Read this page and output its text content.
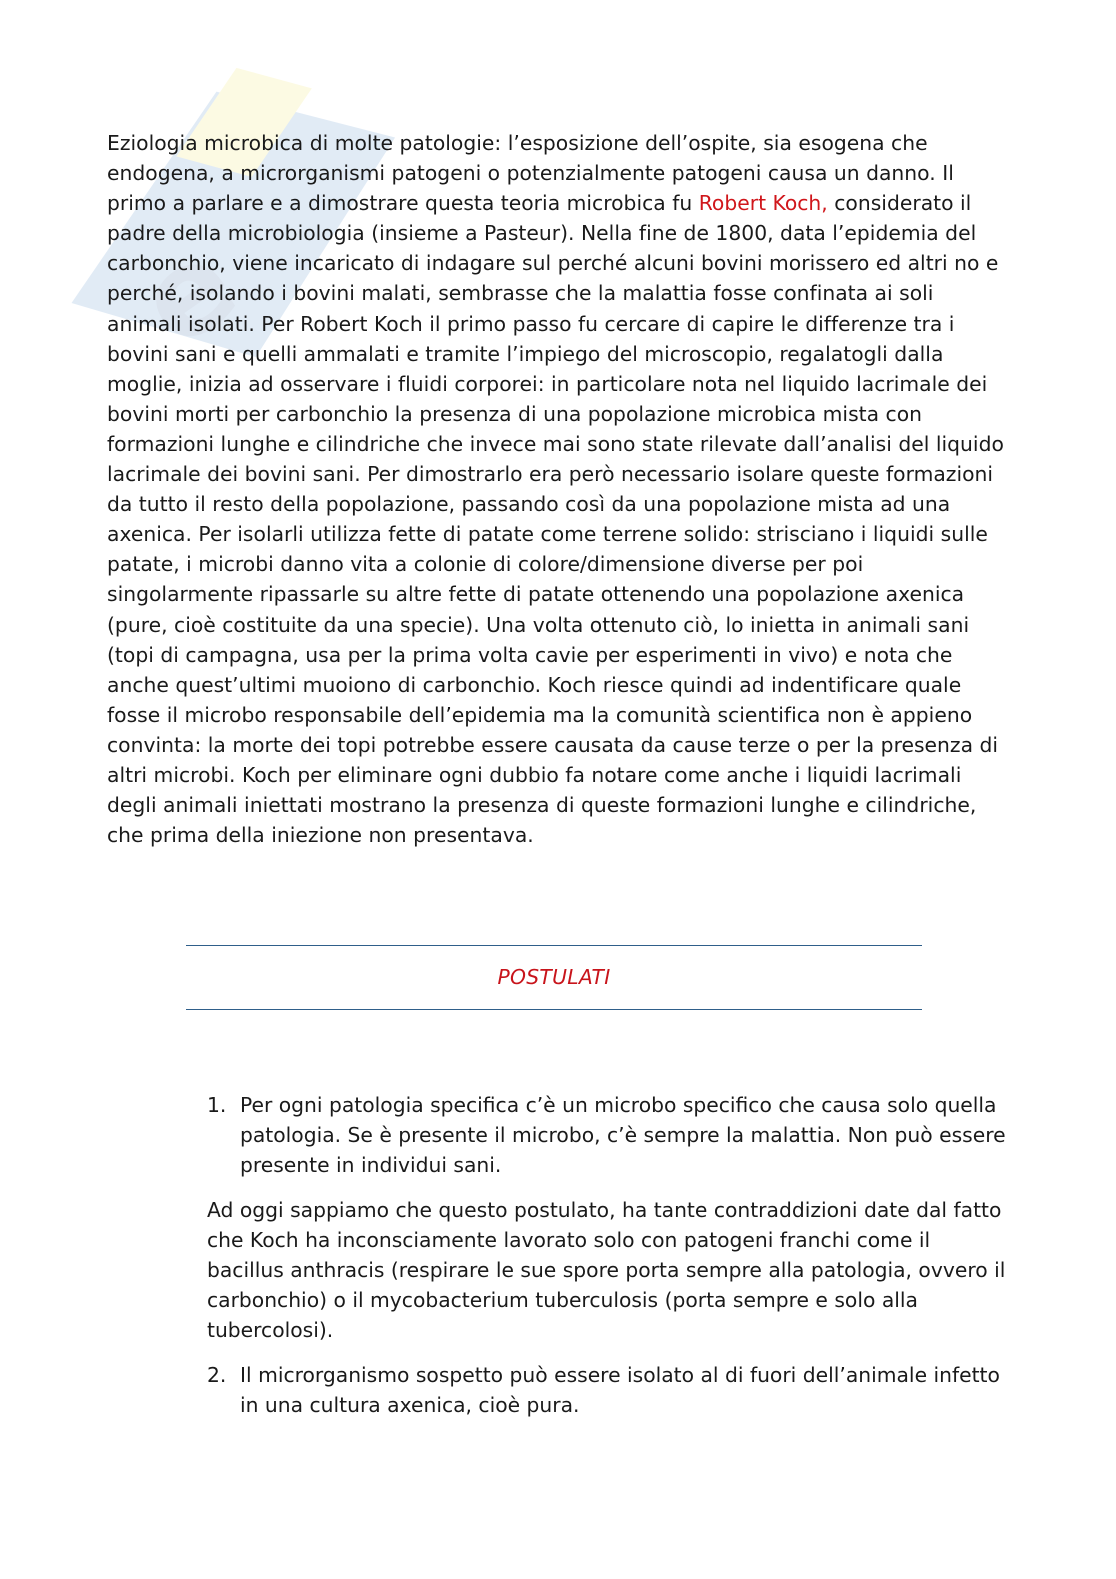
e

Eziologia microbica di molte patologie: l’esposizione dell’ospite, sia esogena che endogena, a microrganismi patogeni o potenzialmente patogeni causa un danno. Il primo a parlare e a dimostrare questa teoria microbica fu Robert Koch, considerato il padre della microbiologia (insieme a Pasteur). Nella fine de 1800, data l’epidemia del carbonchio, viene incaricato di indagare sul perché alcuni bovini morissero ed altri no e perché, isolando i bovini malati, sembrasse che la malattia fosse confinata ai soli animali isolati. Per Robert Koch il primo passo fu cercare di capire le differenze tra i bovini sani e quelli ammalati e tramite l’impiego del microscopio, regalatogli dalla moglie, inizia ad osservare i fluidi corporei: in particolare nota nel liquido lacrimale dei bovini morti per carbonchio la presenza di una popolazione microbica mista con formazioni lunghe e cilindriche che invece mai sono state rilevate dall’analisi del liquido lacrimale dei bovini sani. Per dimostrarlo era però necessario isolare queste formazioni da tutto il resto della popolazione, passando così da una popolazione mista ad una axenica. Per isolarli utilizza fette di patate come terrene solido: strisciano i liquidi sulle patate, i microbi danno vita a colonie di colore/dimensione diverse per poi singolarmente ripassarle su altre fette di patate ottenendo una popolazione axenica (pure, cioè costituite da una specie). Una volta ottenuto ciò, lo inietta in animali sani (topi di campagna, usa per la prima volta cavie per esperimenti in vivo) e nota che anche quest’ultimi muoiono di carbonchio. Koch riesce quindi ad indentificare quale fosse il microbo responsabile dell’epidemia ma la comunità scientifica non è appieno convinta: la morte dei topi potrebbe essere causata da cause terze o per la presenza di altri microbi. Koch per eliminare ogni dubbio fa notare come anche i liquidi lacrimali degli animali iniettati mostrano la presenza di queste formazioni lunghe e cilindriche, che prima della iniezione non presentava.

POSTULATI
1. Per ogni patologia specifica c’è un microbo specifico che causa solo quella patologia. Se è presente il microbo, c’è sempre la malattia. Non può essere presente in individui sani.

Ad oggi sappiamo che questo postulato, ha tante contraddizioni date dal fatto che Koch ha inconsciamente lavorato solo con patogeni franchi come il bacillus anthracis (respirare le sue spore porta sempre alla patologia, ovvero il carbonchio) o il mycobacterium tuberculosis (porta sempre e solo alla tubercolosi).

2. Il microrganismo sospetto può essere isolato al di fuori dell’animale infetto in una cultura axenica, cioè pura.
